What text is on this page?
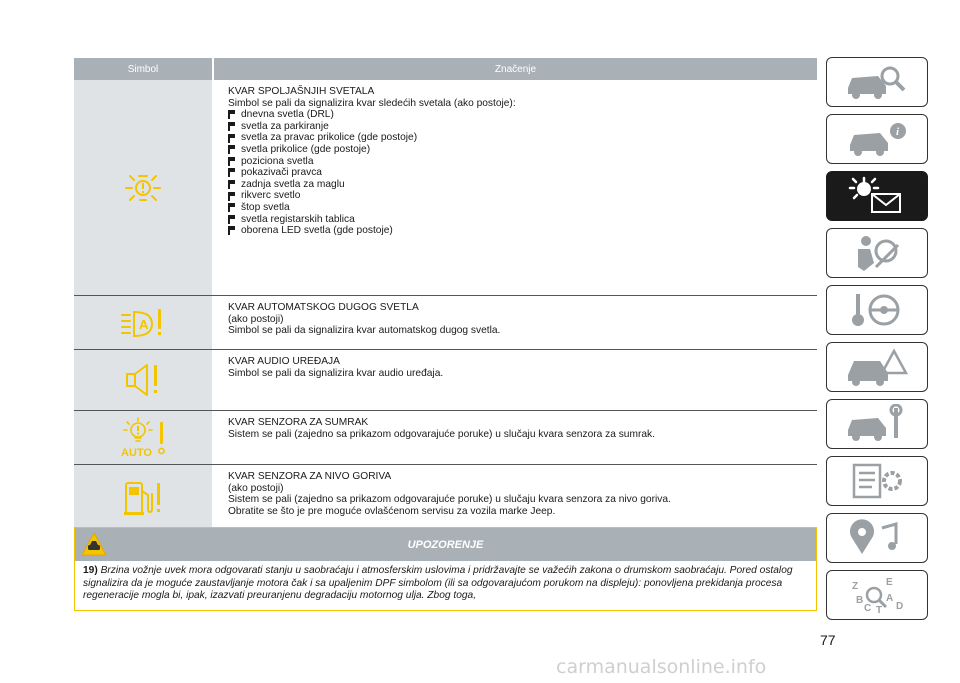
Simbol	Značenje
KVAR SPOLJAŠNJIH SVETALA
Simbol se pali da signalizira kvar sledećih svetala (ako postoje):
dnevna svetla (DRL)
svetla za parkiranje
svetla za pravac prikolice (gde postoje)
svetla prikolice (gde postoje)
poziciona svetla
pokazivači pravca
zadnja svetla za maglu
rikverc svetlo
štop svetla
svetla registarskih tablica
oborena LED svetla (gde postoje)
A
KVAR AUTOMATSKOG DUGOG SVETLA
(ako postoji)
Simbol se pali da signalizira kvar automatskog dugog svetla.
KVAR AUDIO UREĐAJA
Simbol se pali da signalizira kvar audio uređaja.
AUTO
KVAR SENZORA ZA SUMRAK
Sistem se pali (zajedno sa prikazom odgovarajuće poruke) u slučaju kvara senzora za sumrak.
KVAR SENZORA ZA NIVO GORIVA
(ako postoji)
Sistem se pali (zajedno sa prikazom odgovarajuće poruke) u slučaju kvara senzora za nivo goriva.
Obratite se što je pre moguće ovlašćenom servisu za vozila marke Jeep.
UPOZORENJE
19) Brzina vožnje uvek mora odgovarati stanju u saobraćaju i atmosferskim uslovima i pridržavajte se važećih zakona o drumskom saobraćaju. Pored ostalog signalizira da je moguće zaustavljanje motora čak i sa upaljenim DPF simbolom (ili sa odgovarajućom porukom na displeju): ponovljena prekidanja procesa regeneracije mogla bi, ipak, izazvati preuranjenu degradaciju motornog ulja. Zbog toga,
i
Z	E
B A
C T D
77
carmanualsonline.info
